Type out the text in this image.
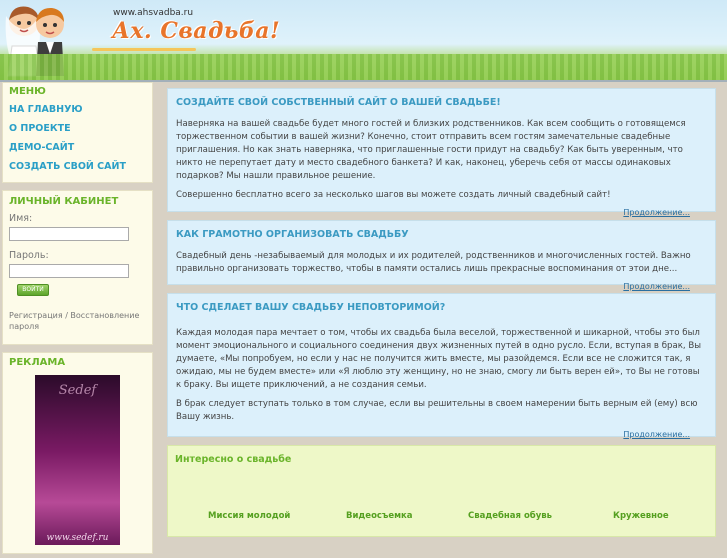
www.ahsvadba.ru
Ах. Свадьба!
МЕНЮ
НА ГЛАВНУЮ
О ПРОЕКТЕ
ДЕМО-САЙТ
СОЗДАТЬ СВОЙ САЙТ
ЛИЧНЫЙ КАБИНЕТ
Имя:
Пароль:
ВОЙТИ
Регистрация / Восстановление пароля
РЕКЛАМА
Sedef
www.sedef.ru
СОЗДАЙТЕ СВОЙ СОБСТВЕННЫЙ САЙТ О ВАШЕЙ СВАДЬБЕ!

Наверняка на вашей свадьбе будет много гостей и близких родственников. Как всем сообщить о готовящемся торжественном событии в вашей жизни? Конечно, стоит отправить всем гостям замечательные свадебные приглашения. Но как знать наверняка, что приглашенные гости придут на свадьбу? Как быть уверенным, что никто не перепутает дату и место свадебного банкета? И как, наконец, уберечь себя от массы одинаковых подарков? Мы нашли правильное решение.

Совершенно бесплатно всего за несколько шагов вы можете создать личный свадебный сайт!

Продолжение...
КАК ГРАМОТНО ОРГАНИЗОВАТЬ СВАДЬБУ

Свадебный день -незабываемый для молодых и их родителей, родственников и многочисленных гостей. Важно правильно организовать торжество, чтобы в памяти остались лишь прекрасные воспоминания от этои дне...

Продолжение...
ЧТО СДЕЛАЕТ ВАШУ СВАДЬБУ НЕПОВТОРИМОЙ?

Каждая молодая пара мечтает о том, чтобы их свадьба была веселой, торжественной и шикарной, чтобы это был момент эмоционального и социального соединения двух жизненных путей в одно русло. Если, вступая в брак, Вы думаете, «Мы попробуем, но если у нас не получится жить вместе, мы разойдемся. Если все не сложится так, я ожидаю, мы не будем вместе» или «Я люблю эту женщину, но не знаю, смогу ли быть верен ей», то Вы не готовы к браку. Вы ищете приключений, а не создания семьи.

В брак следует вступать только в том случае, если вы решительны в своем намерении быть верным ей (ему) всю Вашу жизнь.

Продолжение...
Интересно о свадьбе
Миссия молодой	Видеосъемка	Свадебная обувь	Кружевное
